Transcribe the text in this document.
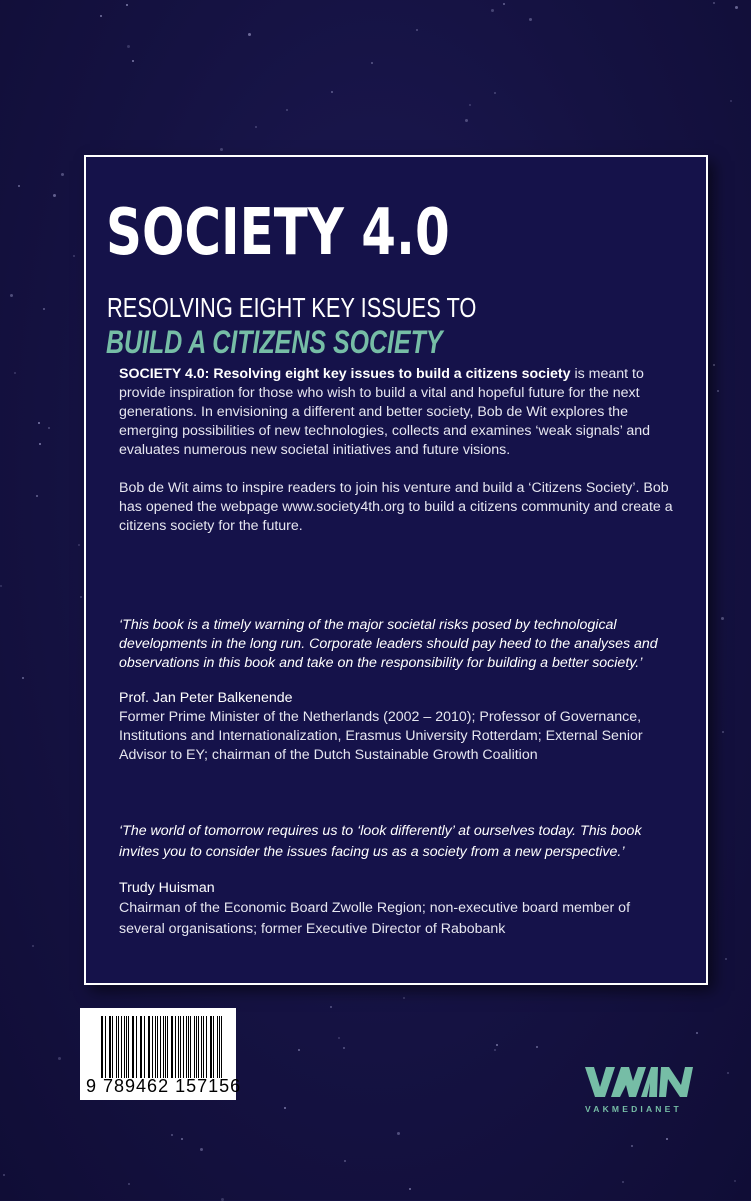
SOCIETY 4.0
RESOLVING EIGHT KEY ISSUES TO
BUILD A CITIZENS SOCIETY

SOCIETY 4.0: Resolving eight key issues to build a citizens society is meant to provide inspiration for those who wish to build a vital and hopeful future for the next generations. In envisioning a different and better society, Bob de Wit explores the emerging possibilities of new technologies, collects and examines ‘weak signals’ and evaluates numerous new societal initiatives and future visions.

Bob de Wit aims to inspire readers to join his venture and build a ‘Citizens Society’. Bob has opened the webpage www.society4th.org to build a citizens community and create a citizens society for the future.

‘This book is a timely warning of the major societal risks posed by technological developments in the long run. Corporate leaders should pay heed to the analyses and observations in this book and take on the responsibility for building a better society.’

Prof. Jan Peter Balkenende

Former Prime Minister of the Netherlands (2002 – 2010); Professor of Governance, Institutions and Internationalization, Erasmus University Rotterdam; External Senior Advisor to EY; chairman of the Dutch Sustainable Growth Coalition

‘The world of tomorrow requires us to ‘look differently’ at ourselves today. This book invites you to consider the issues facing us as a society from a new perspective.’

Trudy Huisman

Chairman of the Economic Board Zwolle Region; non-executive board member of several organisations; former Executive Director of Rabobank

9 789462 157156
VAKMEDIANET
